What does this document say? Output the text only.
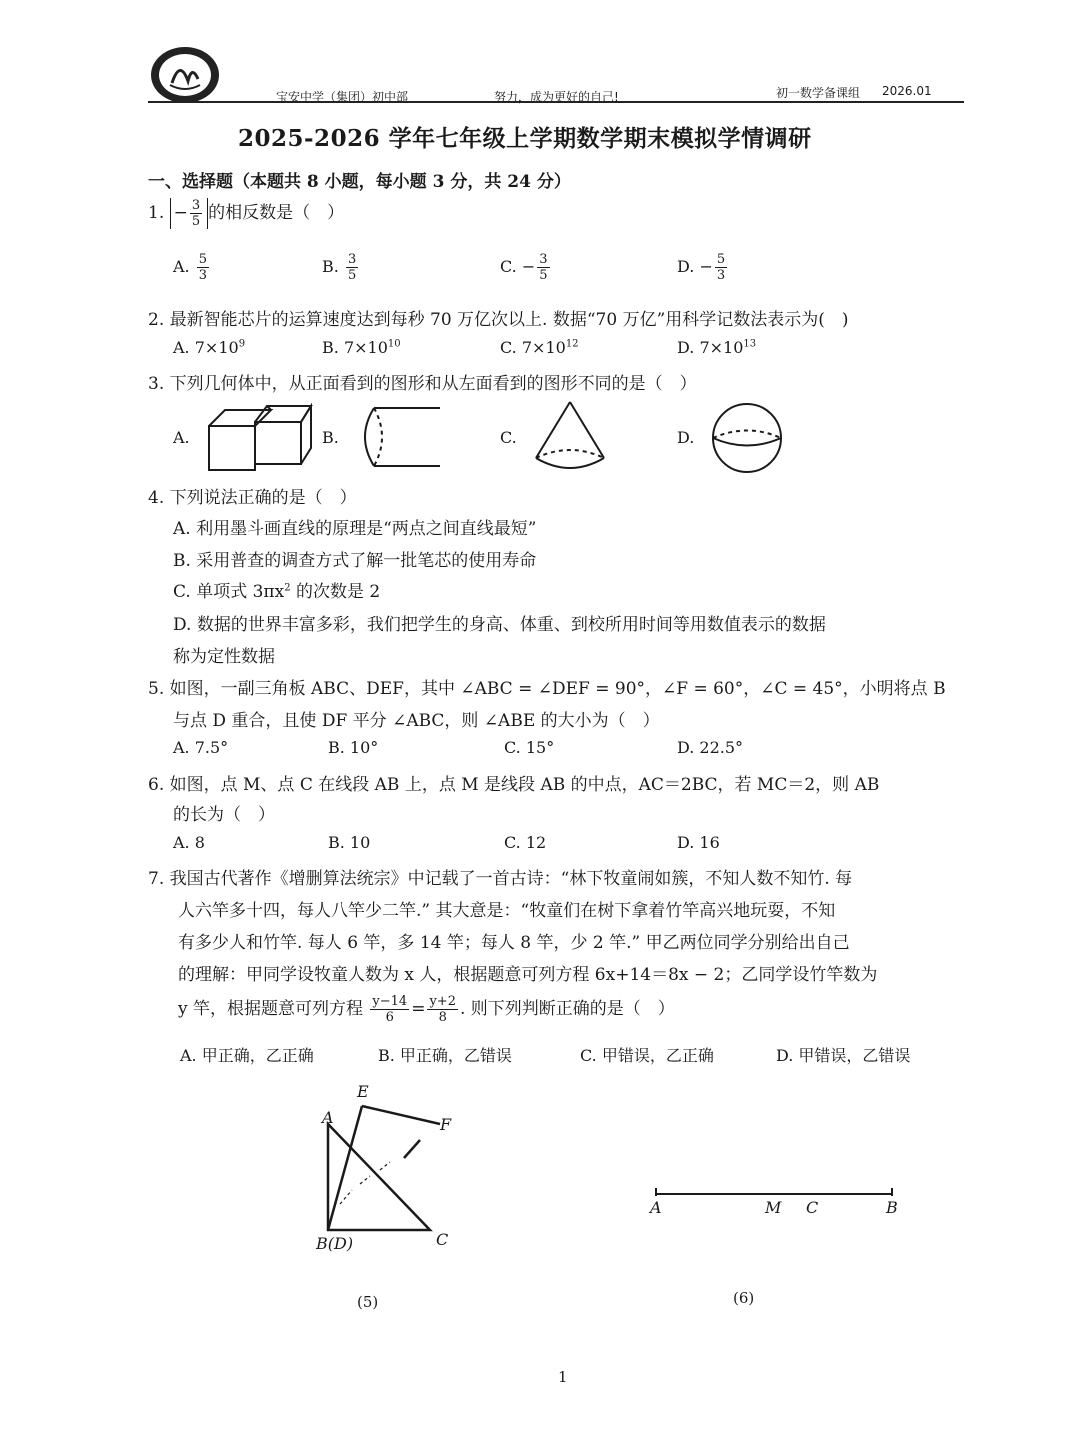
宝安中学（集团）初中部	努力，成为更好的自己!	初一数学备课组 2026.01
2025-2026 学年七年级上学期数学期末模拟学情调研
一、选择题（本题共 8 小题，每小题 3 分，共 24 分）
1. − $\frac{3}{5}$ 的相反数是（　）
A. $\frac{5}{3}$	B. $\frac{3}{5}$	C. − $\frac{3}{5}$	D. − $\frac{5}{3}$
2. 最新智能芯片的运算速度达到每秒 70 万亿次以上. 数据“70 万亿”用科学记数法表示为(　)
A. $7\times 10^9$	B. $7\times 10^{10}$	C. $7\times 10^{12}$	D. $7\times 10^{13}$
3. 下列几何体中，从正面看到的图形和从左面看到的图形不同的是（　）
A.	B.	C.	D.
4. 下列说法正确的是（　）
A. 利用墨斗画直线的原理是“两点之间直线最短”
B. 采用普查的调查方式了解一批笔芯的使用寿命
C. 单项式 $3\pi x^2$ 的次数是 2
D. 数据的世界丰富多彩，我们把学生的身高、体重、到校所用时间等用数值表示的数据
称为定性数据
5. 如图，一副三角板 ABC、DEF，其中 ∠ABC = ∠DEF = 90°，∠F = 60°，∠C = 45°，小明将点 B
与点 D 重合，且使 DF 平分 ∠ABC，则 ∠ABE 的大小为（　）
A. 7.5°	B. 10°	C. 15°	D. 22.5°
6. 如图，点 M、点 C 在线段 AB 上，点 M 是线段 AB 的中点，AC＝2BC，若 MC＝2，则 AB
的长为（　）
A. 8	B. 10	C. 12	D. 16
7. 我国古代著作《增删算法统宗》中记载了一首古诗：“林下牧童闹如簇，不知人数不知竹. 每
人六竿多十四，每人八竿少二竿.” 其大意是：“牧童们在树下拿着竹竿高兴地玩耍，不知
有多少人和竹竿. 每人 6 竿，多 14 竿；每人 8 竿，少 2 竿.” 甲乙两位同学分别给出自己
的理解：甲同学设牧童人数为 x 人，根据题意可列方程 6x+14＝8x − 2；乙同学设竹竿数为
y 竿，根据题意可列方程 $\frac{y-14}{6} = \frac{y+2}{8}$ . 则下列判断正确的是（　）
A. 甲正确，乙正确	B. 甲正确，乙错误	C. 甲错误，乙正确	D. 甲错误，乙错误
E
A	F
B(D)	C
(5)
A	M C	B
(6)
1
